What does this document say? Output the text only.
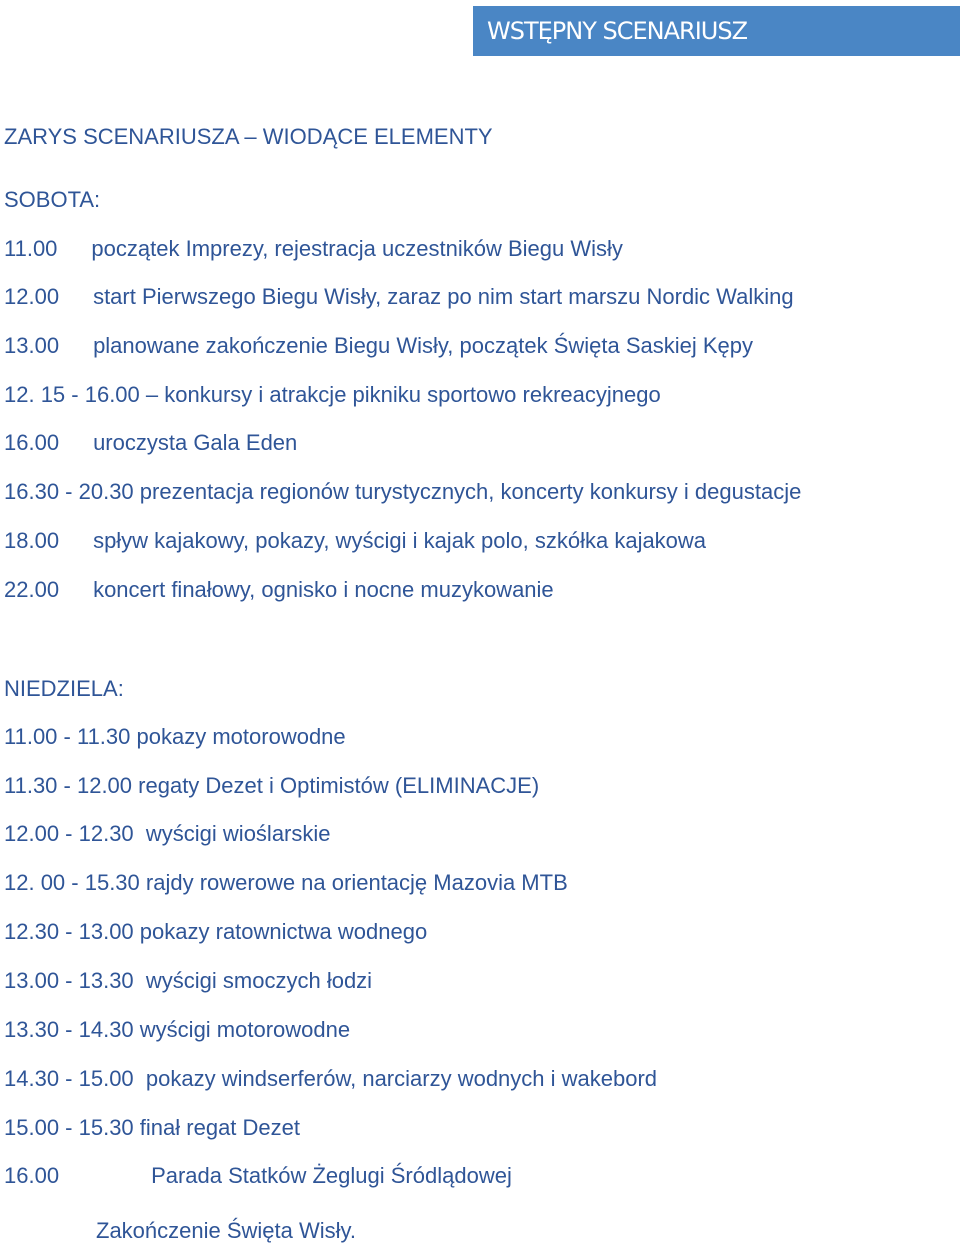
WSTĘPNY SCENARIUSZ
ZARYS SCENARIUSZA – WIODĄCE ELEMENTY
SOBOTA:
11.00 początek Imprezy, rejestracja uczestników Biegu Wisły
12.00 start Pierwszego Biegu Wisły, zaraz po nim start marszu Nordic Walking
13.00 planowane zakończenie Biegu Wisły, początek Święta Saskiej Kępy
12. 15 - 16.00 – konkursy i atrakcje pikniku sportowo rekreacyjnego
16.00 uroczysta Gala Eden
16.30 - 20.30 prezentacja regionów turystycznych, koncerty konkursy i degustacje
18.00 spływ kajakowy, pokazy, wyścigi i kajak polo, szkółka kajakowa
22.00 koncert finałowy, ognisko i nocne muzykowanie
NIEDZIELA:
11.00 - 11.30 pokazy motorowodne
11.30 - 12.00 regaty Dezet i Optimistów (ELIMINACJE)
12.00 - 12.30 wyścigi wioślarskie
12. 00 - 15.30 rajdy rowerowe na orientację Mazovia MTB
12.30 - 13.00 pokazy ratownictwa wodnego
13.00 - 13.30 wyścigi smoczych łodzi
13.30 - 14.30 wyścigi motorowodne
14.30 - 15.00 pokazy windserferów, narciarzy wodnych i wakebord
15.00 - 15.30 finał regat Dezet
16.00	Parada Statków Żeglugi Śródlądowej
Zakończenie Święta Wisły.
